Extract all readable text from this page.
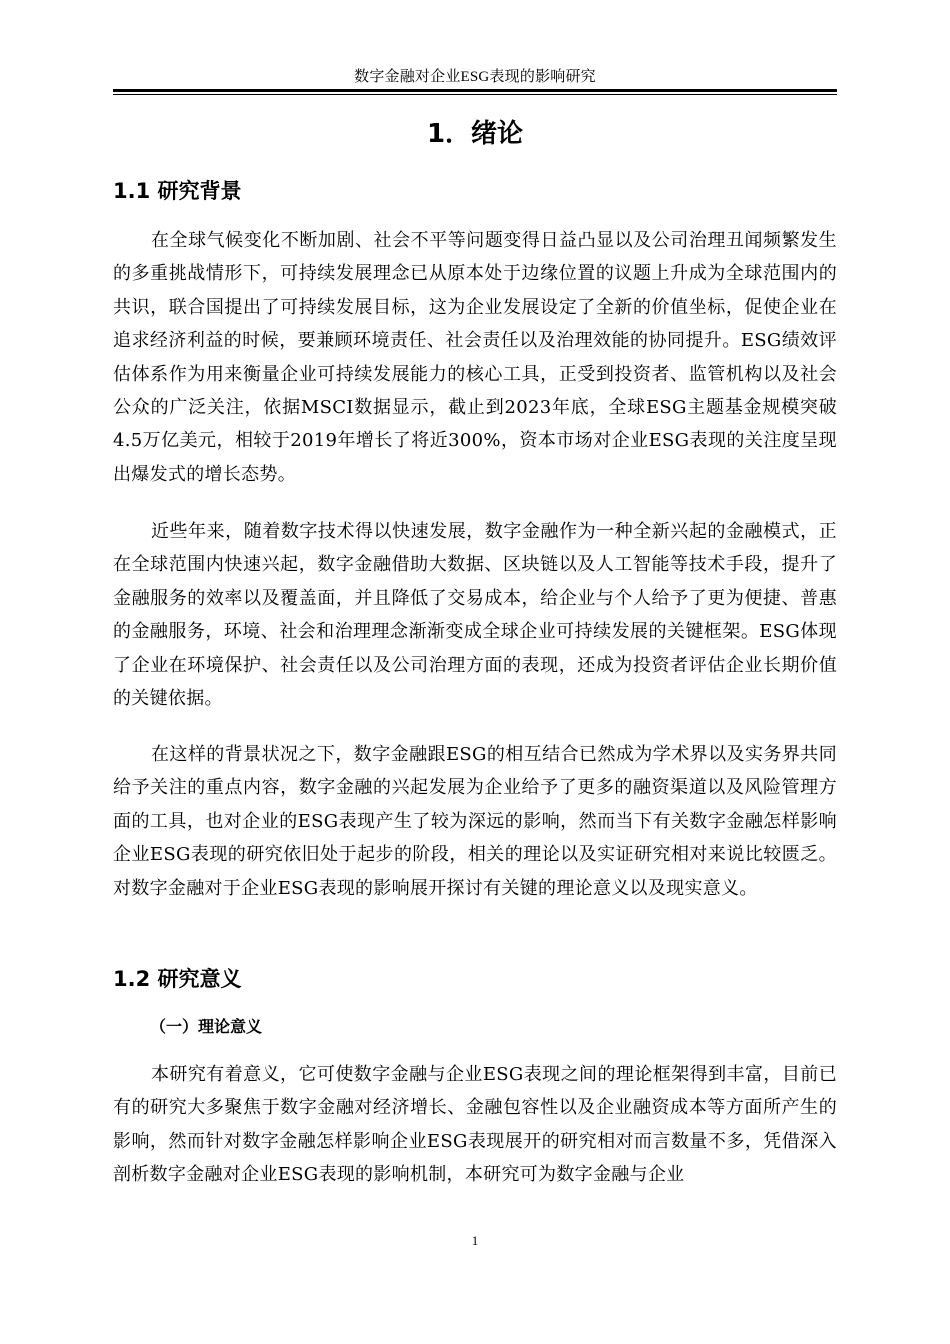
数字金融对企业ESG表现的影响研究
1．绪论
1.1 研究背景

在全球气候变化不断加剧、社会不平等问题变得日益凸显以及公司治理丑闻频繁发生的多重挑战情形下，可持续发展理念已从原本处于边缘位置的议题上升成为全球范围内的共识，联合国提出了可持续发展目标，这为企业发展设定了全新的价值坐标，促使企业在追求经济利益的时候，要兼顾环境责任、社会责任以及治理效能的协同提升。ESG绩效评估体系作为用来衡量企业可持续发展能力的核心工具，正受到投资者、监管机构以及社会公众的广泛关注，依据MSCI数据显示，截止到2023年底，全球ESG主题基金规模突破4.5万亿美元，相较于2019年增长了将近300%，资本市场对企业ESG表现的关注度呈现出爆发式的增长态势。

近些年来，随着数字技术得以快速发展，数字金融作为一种全新兴起的金融模式，正在全球范围内快速兴起，数字金融借助大数据、区块链以及人工智能等技术手段，提升了金融服务的效率以及覆盖面，并且降低了交易成本，给企业与个人给予了更为便捷、普惠的金融服务，环境、社会和治理理念渐渐变成全球企业可持续发展的关键框架。ESG体现了企业在环境保护、社会责任以及公司治理方面的表现，还成为投资者评估企业长期价值的关键依据。

在这样的背景状况之下，数字金融跟ESG的相互结合已然成为学术界以及实务界共同给予关注的重点内容，数字金融的兴起发展为企业给予了更多的融资渠道以及风险管理方面的工具，也对企业的ESG表现产生了较为深远的影响，然而当下有关数字金融怎样影响企业ESG表现的研究依旧处于起步的阶段，相关的理论以及实证研究相对来说比较匮乏。对数字金融对于企业ESG表现的影响展开探讨有关键的理论意义以及现实意义。

1.2 研究意义
（一）理论意义

本研究有着意义，它可使数字金融与企业ESG表现之间的理论框架得到丰富，目前已有的研究大多聚焦于数字金融对经济增长、金融包容性以及企业融资成本等方面所产生的影响，然而针对数字金融怎样影响企业ESG表现展开的研究相对而言数量不多，凭借深入剖析数字金融对企业ESG表现的影响机制，本研究可为数字金融与企业

1
